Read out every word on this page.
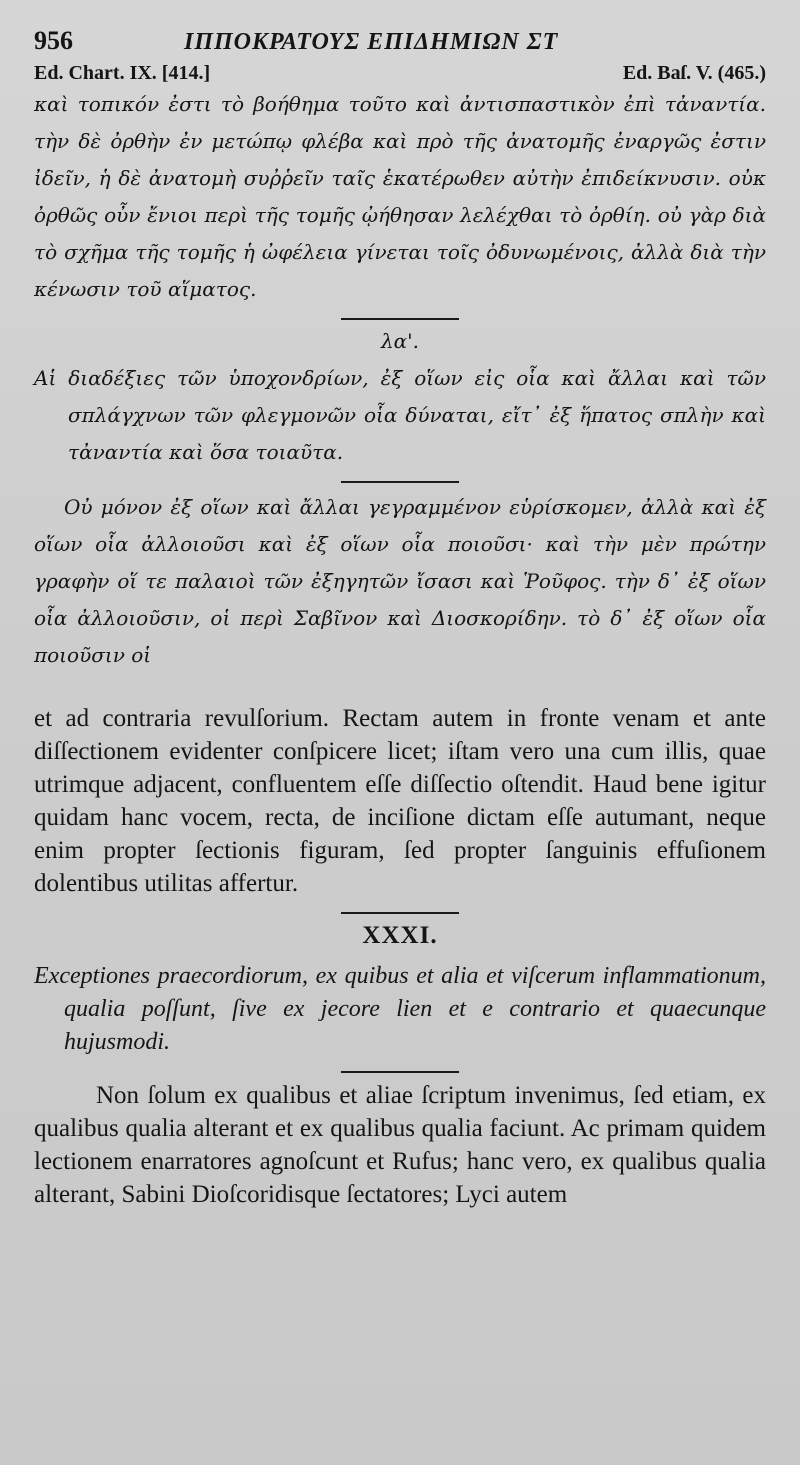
956	ΙΠΠΟΚΡΑΤΟΥΣ ΕΠΙΔΗΜΙΩΝ ΣΤ
Ed. Chart. IX. [414.]	Ed. Baſ. V. (465.)

καὶ τοπικόν ἐστι τὸ βοήθημα τοῦτο καὶ ἀντισπαστικὸν ἐπὶ τἀναντία. τὴν δὲ ὀρθὴν ἐν μετώπῳ φλέβα καὶ πρὸ τῆς ἀνατομῆς ἐναργῶς ἐστιν ἰδεῖν, ἡ δὲ ἀνατομὴ συῤῥεῖν ταῖς ἑκατέρωθεν αὐτὴν ἐπιδείκνυσιν. οὐκ ὀρθῶς οὖν ἔνιοι περὶ τῆς τομῆς ᾠήθησαν λελέχθαι τὸ ὀρθίη. οὐ γὰρ διὰ τὸ σχῆμα τῆς τομῆς ἡ ὠφέλεια γίνεται τοῖς ὀδυνωμένοις, ἀλλὰ διὰ τὴν κένωσιν τοῦ αἵματος.

λα'.

Αἱ διαδέξιες τῶν ὑποχονδρίων, ἐξ οἵων εἰς οἷα καὶ ἄλλαι καὶ τῶν σπλάγχνων τῶν φλεγμονῶν οἷα δύναται, εἴτ᾽ ἐξ ἥπατος σπλὴν καὶ τἀναντία καὶ ὅσα τοιαῦτα.

Οὐ μόνον ἐξ οἵων καὶ ἄλλαι γεγραμμένον εὑρίσκομεν, ἀλλὰ καὶ ἐξ οἵων οἷα ἀλλοιοῦσι καὶ ἐξ οἵων οἷα ποιοῦσι· καὶ τὴν μὲν πρώτην γραφὴν οἵ τε παλαιοὶ τῶν ἐξηγητῶν ἴσασι καὶ Ῥοῦφος. τὴν δ᾽ ἐξ οἵων οἷα ἀλλοιοῦσιν, οἱ περὶ Σαβῖνον καὶ Διοσκορίδην. τὸ δ᾽ ἐξ οἵων οἷα ποιοῦσιν οἱ

et ad contraria revulſorium. Rectam autem in fronte venam et ante diſſectionem evidenter conſpicere licet; iſtam vero una cum illis, quae utrimque adjacent, confluentem eſſe diſſectio oſtendit. Haud bene igitur quidam hanc vocem, recta, de inciſione dictam eſſe autumant, neque enim propter ſectionis figuram, ſed propter ſanguinis effuſionem dolentibus utilitas affertur.

XXXI.

Exceptiones praecordiorum, ex quibus et alia et viſcerum inflammationum, qualia poſſunt, ſive ex jecore lien et e contrario et quaecunque hujusmodi.

Non ſolum ex qualibus et aliae ſcriptum invenimus, ſed etiam, ex qualibus qualia alterant et ex qualibus qualia faciunt. Ac primam quidem lectionem enarratores agnoſcunt et Rufus; hanc vero, ex qualibus qualia alterant, Sabini Dioſcoridisque ſectatores; Lyci autem
